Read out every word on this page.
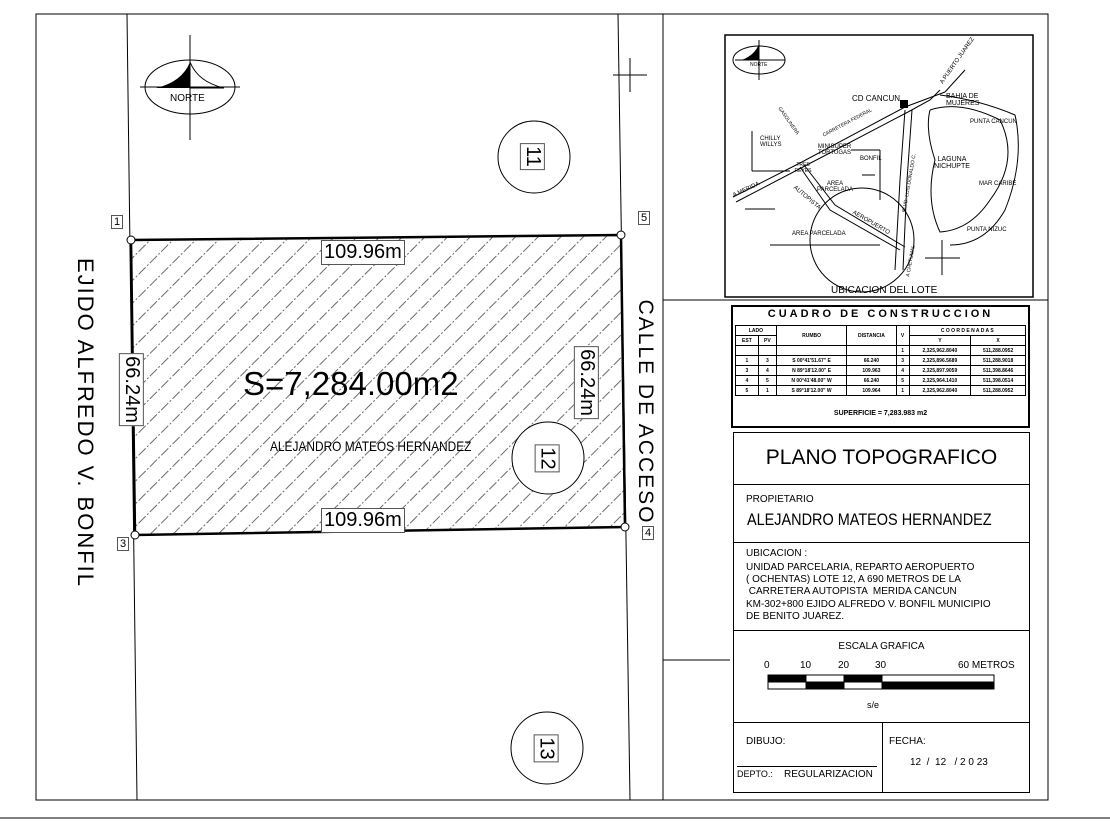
NORTE
S=7,284.00m2
ALEJANDRO MATEOS HERNANDEZ
109.96m
109.96m
66.24m	66.24m
1
3
4
5
11
12
13
EJIDO ALFREDO V. BONFIL	CALLE DE ACCESO
NORTE
CD CANCUN
A PUERTO JUAREZ
BAHIA DE MUJERES
PUNTA CANCUN
CHILLY WILLYS	MINISUPER TORTUGAS
TRES REYES
BONFIL	LAGUNA NICHUPTE
MAR CARIBE
AREA PARCELADA
AREA PARCELADA
PUNTA NIZUC
A MERIDA	AUTOPISTA
AEROPUERTO
CARRETERA FEDERAL
BLVD. LUIS DONALDO C.
A CHETUMAL
GASOLINERA
UBICACION DEL LOTE
CUADRO DE CONSTRUCCION
LADO		RUMBO	DISTANCIA	V	C O O R D E N A D A S	
EST	PV				Y	X
				1	2,325,962.8040	511,288.0952
1	3	S 00°41'51.67" E	66.240	3	2,325,896.5689	511,288.9018
3	4	N 89°18'12.00" E	109.963	4	2,325,897.9059	511,398.8646
4	5	N 00°41'48.00" W	66.240	5	2,325,964.1410	511,398.0514
5	1	S 89°18'12.00" W	109.964	1	2,325,962.8040	511,288.0952
SUPERFICIE = 7,283.983 m2
PLANO TOPOGRAFICO
PROPIETARIO
ALEJANDRO MATEOS HERNANDEZ
UBICACION :
UNIDAD PARCELARIA, REPARTO AEROPUERTO
( OCHENTAS) LOTE 12, A 690 METROS DE LA
CARRETERA AUTOPISTA  MERIDA CANCUN
KM-302+800 EJIDO ALFREDO V. BONFIL MUNICIPIO
DE BENITO JUAREZ.
ESCALA GRAFICA
0	10	20	30	60 METROS
s/e
DIBUJO:
DEPTO.: REGULARIZACION
FECHA:
12  /  12   / 2 0 23
